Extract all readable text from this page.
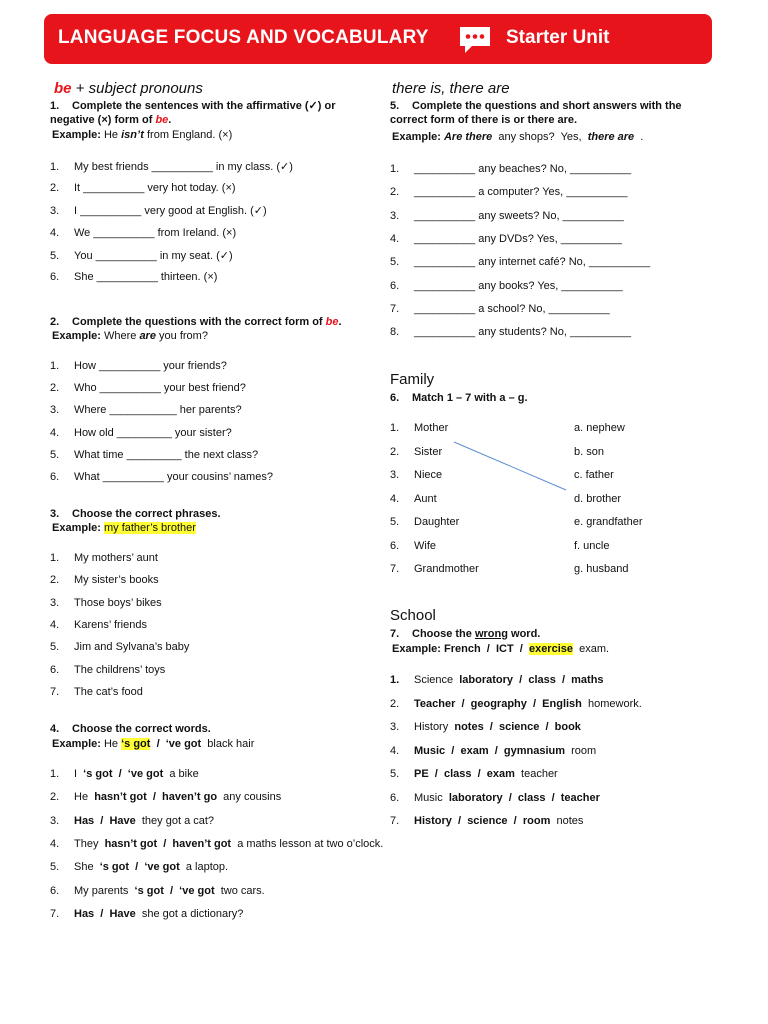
LANGUAGE FOCUS AND VOCABULARY	Starter Unit
be + subject pronouns
1. Complete the sentences with the affirmative (✓) or negative (×) form of be.
Example: He isn’t from England. (×)
1. My best friends __________ in my class. (✓)
2. It __________ very hot today. (×)
3. I __________ very good at English. (✓)
4. We __________ from Ireland. (×)
5. You __________ in my seat. (✓)
6. She __________ thirteen. (×)
2. Complete the questions with the correct form of be.
Example: Where are you from?
1. How __________ your friends?
2. Who __________ your best friend?
3. Where ___________ her parents?
4. How old _________ your sister?
5. What time _________ the next class?
6. What __________ your cousins’ names?
3. Choose the correct phrases.
Example: my father’s brother
1. My mothers’ aunt
2. My sister’s books
3. Those boys’ bikes
4. Karens’ friends
5. Jim and Sylvana’s baby
6. The childrens’ toys
7. The cat’s food
4. Choose the correct words.
Example: He ‘s got  /  ‘ve got  black hair
1. I  ‘s got  /  ‘ve got  a bike
2. He  hasn’t got  /  haven’t go  any cousins
3. Has  /  Have  they got a cat?
4. They  hasn’t got  /  haven’t got  a maths lesson at two o’clock.
5. She  ‘s got  /  ‘ve got  a laptop.
6. My parents  ‘s got  /  ‘ve got  two cars.
7. Has  /  Have  she got a dictionary?
there is, there are
5. Complete the questions and short answers with the correct form of there is or there are.
Example: Are there  any shops?  Yes,  there are  .
1. __________ any beaches? No, __________
2. __________ a computer? Yes, __________
3. __________ any sweets? No, __________
4. __________ any DVDs? Yes, __________
5. __________ any internet café? No, __________
6. __________ any books? Yes, __________
7. __________ a school? No, __________
8. __________ any students? No, __________
Family
6. Match 1 – 7 with a – g.
1. Mother	a. nephew
2. Sister	b. son
3. Niece	c. father
4. Aunt	d. brother
5. Daughter	e. grandfather
6. Wife	f. uncle
7. Grandmother	g. husband
School
7. Choose the wrong word.
Example: French  /  ICT  /  exercise  exam.
1. Science  laboratory  /  class  /  maths
2. Teacher  /  geography  /  English  homework.
3. History  notes  /  science  /  book
4. Music  /  exam  /  gymnasium  room
5. PE  /  class  /  exam  teacher
6. Music  laboratory  /  class  /  teacher
7. History  /  science  /  room  notes
